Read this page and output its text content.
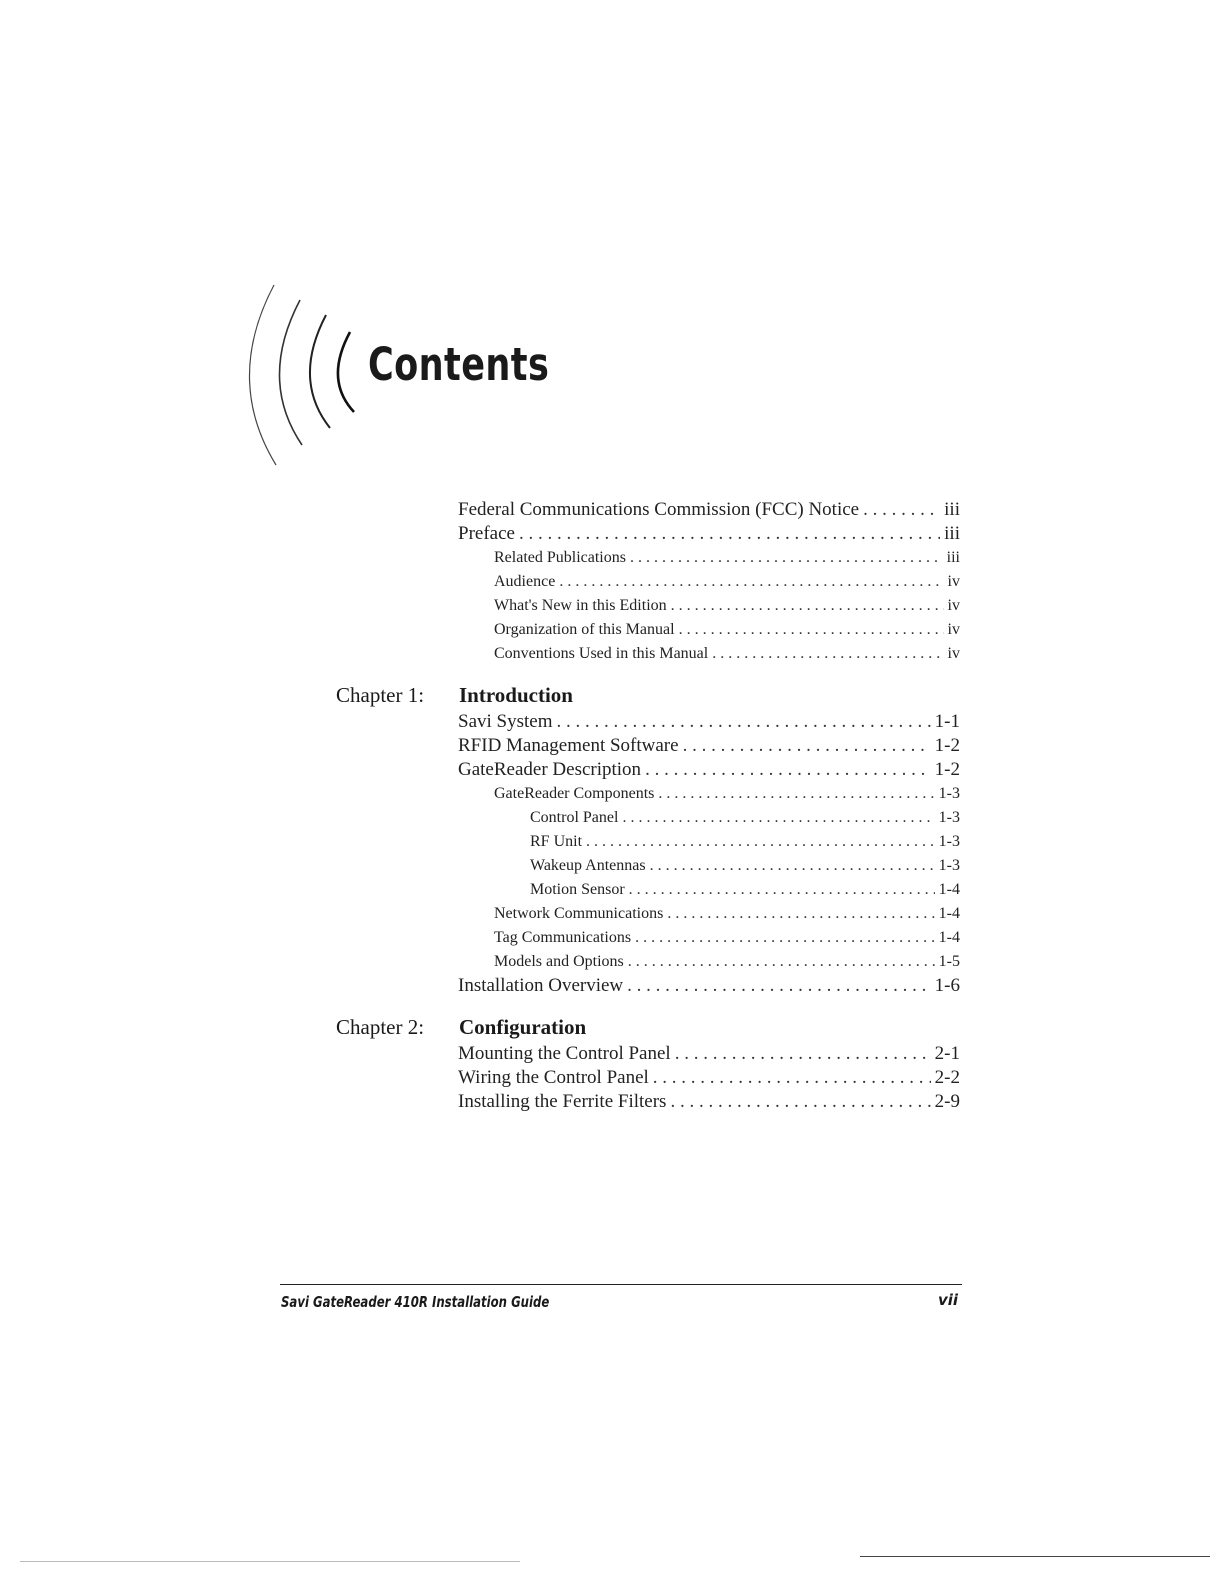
Contents
Federal Communications Commission (FCC) Notice . . .	iii
Preface . . .	iii
Related Publications . . .	iii
Audience . . .	iv
What's New in this Edition . . .	iv
Organization of this Manual . . .	iv
Conventions Used in this Manual . . .	iv
Chapter 1:	Introduction
Savi System . . .	1-1
RFID Management Software . . .	1-2
GateReader Description . . .	1-2
GateReader Components . . .	1-3
Control Panel . . .	1-3
RF Unit . . .	1-3
Wakeup Antennas . . .	1-3
Motion Sensor . . .	1-4
Network Communications . . .	1-4
Tag Communications . . .	1-4
Models and Options . . .	1-5
Installation Overview . . .	1-6
Chapter 2:	Configuration
Mounting the Control Panel . . .	2-1
Wiring the Control Panel . . .	2-2
Installing the Ferrite Filters . . .	2-9
Savi GateReader 410R Installation Guide	vii
